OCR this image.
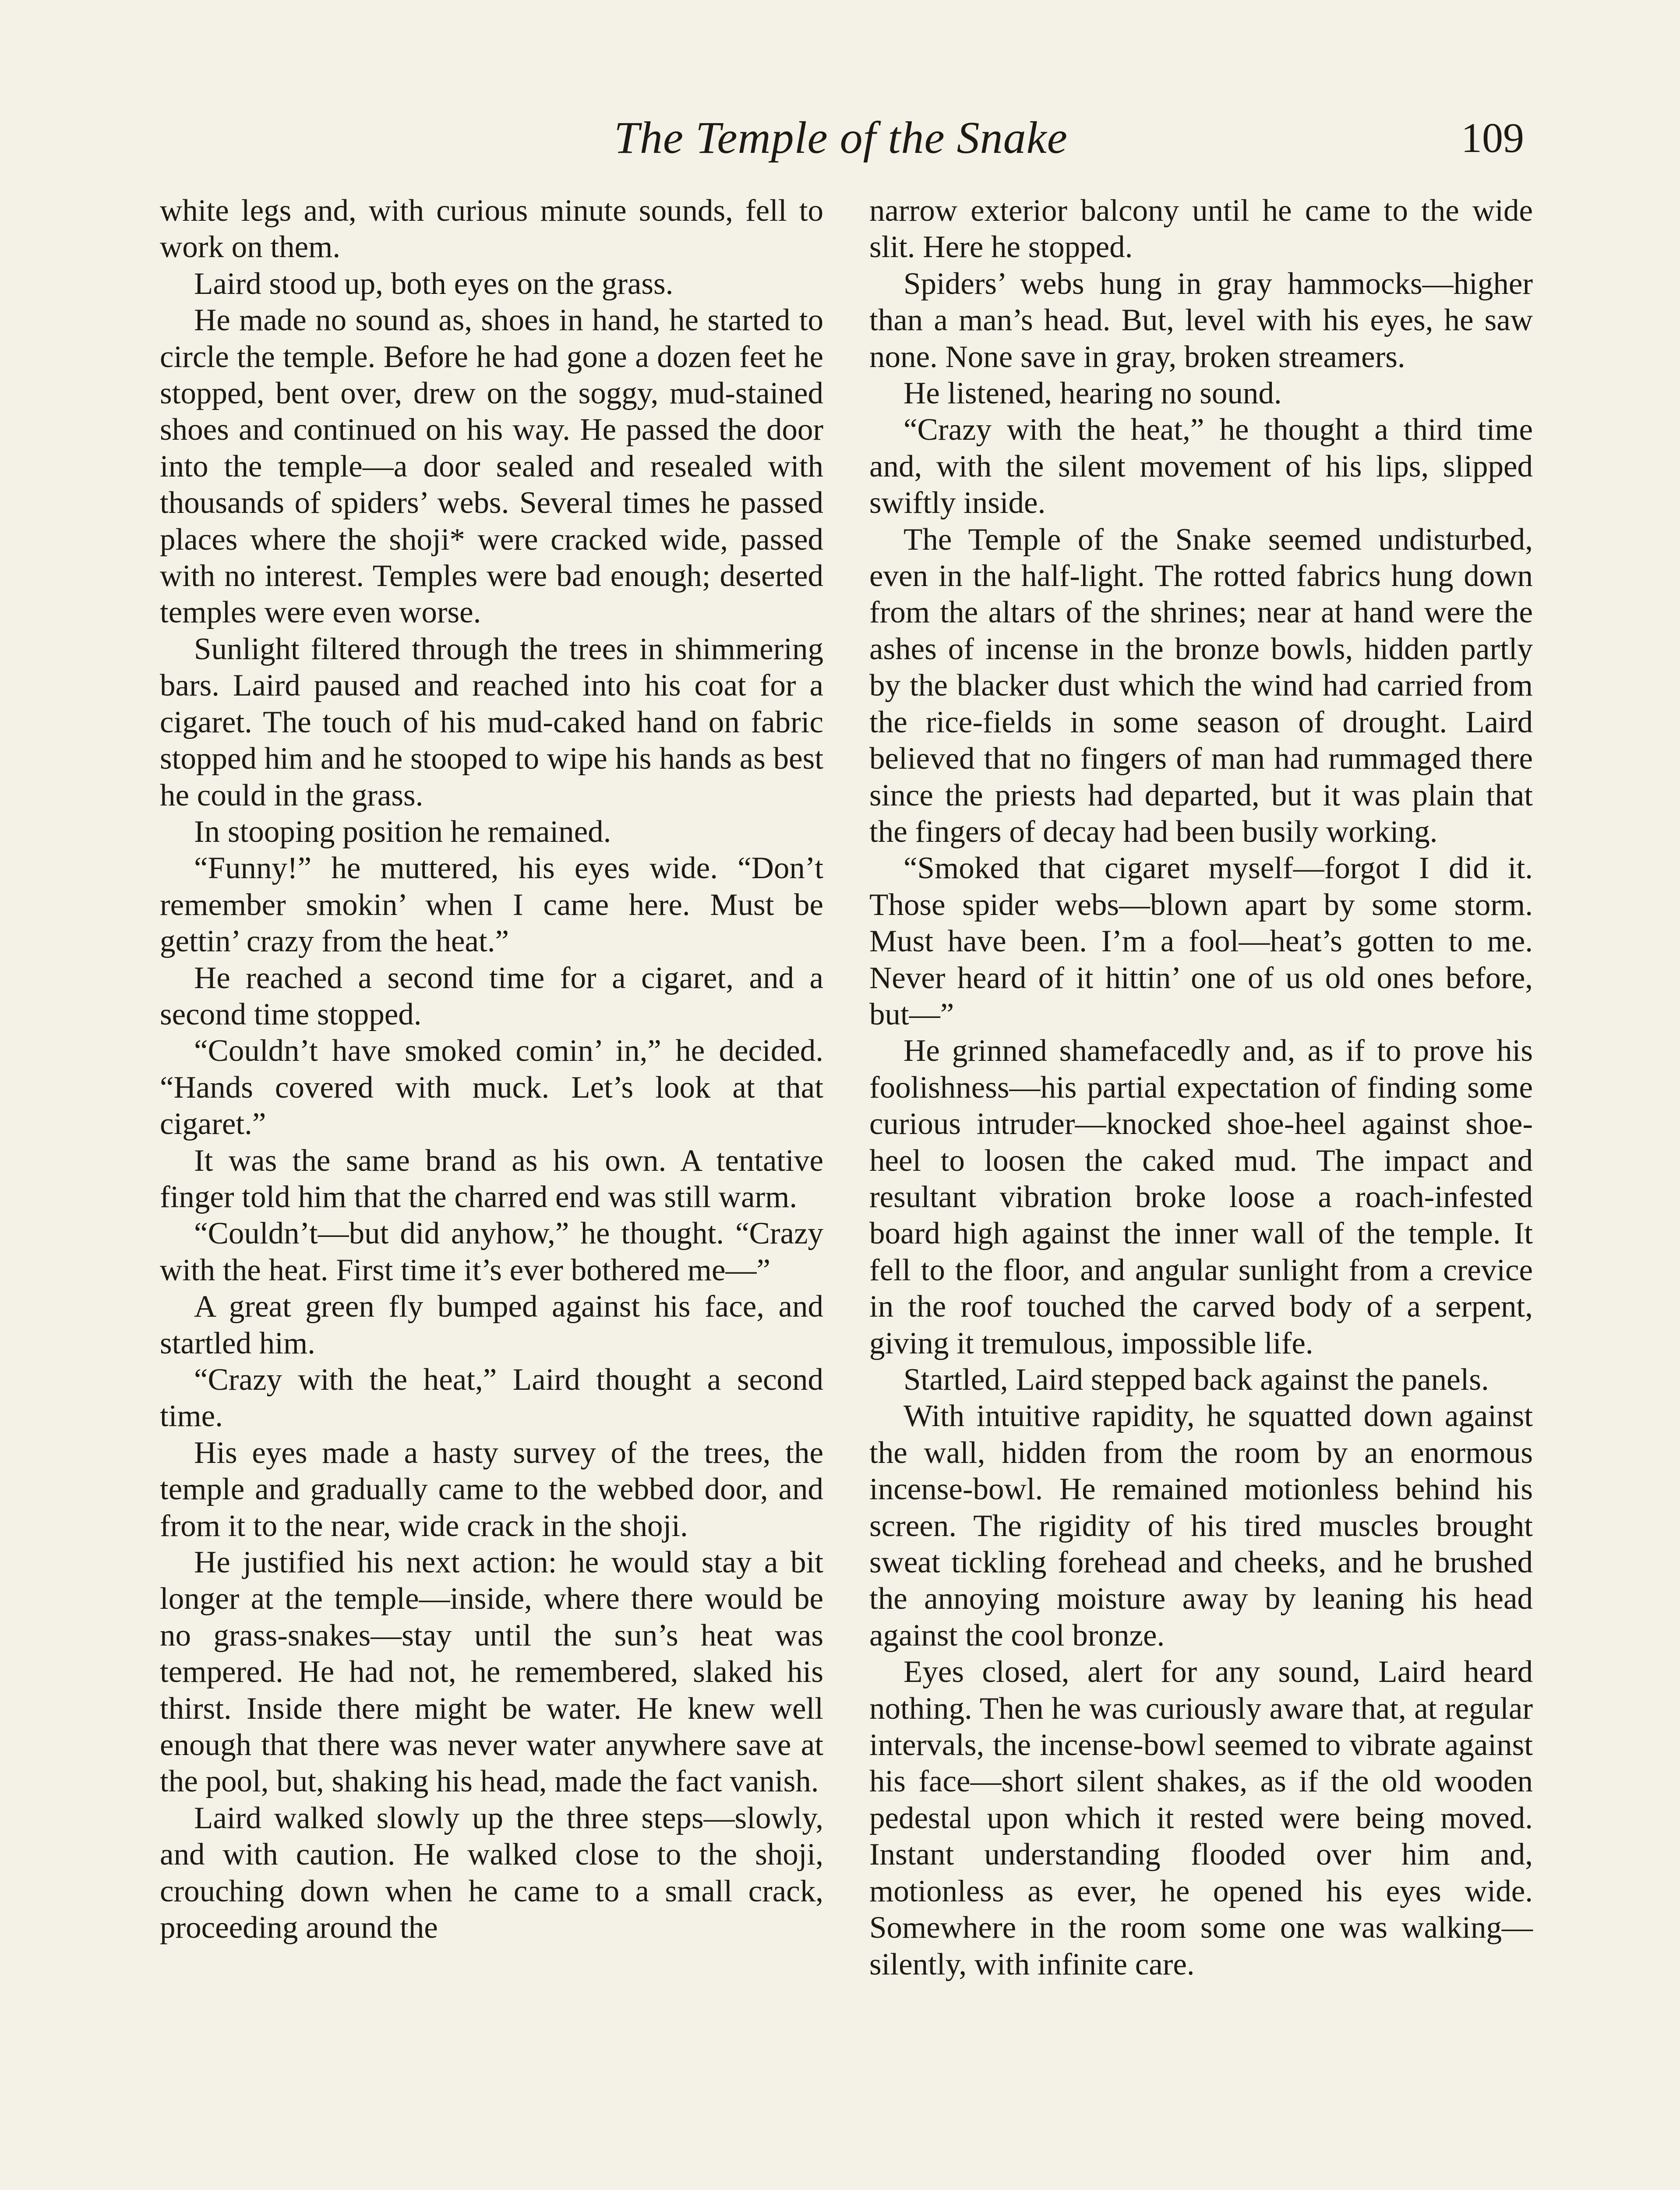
The Temple of the Snake	109

white legs and, with curious minute sounds, fell to work on them.

Laird stood up, both eyes on the grass.

He made no sound as, shoes in hand, he started to circle the temple. Before he had gone a dozen feet he stopped, bent over, drew on the soggy, mud-stained shoes and continued on his way. He passed the door into the temple—a door sealed and resealed with thousands of spiders’ webs. Several times he passed places where the shoji* were cracked wide, passed with no interest. Temples were bad enough; deserted temples were even worse.

Sunlight filtered through the trees in shimmering bars. Laird paused and reached into his coat for a cigaret. The touch of his mud-caked hand on fabric stopped him and he stooped to wipe his hands as best he could in the grass.

In stooping position he remained.

“Funny!” he muttered, his eyes wide. “Don’t remember smokin’ when I came here. Must be gettin’ crazy from the heat.”

He reached a second time for a cigaret, and a second time stopped.

“Couldn’t have smoked comin’ in,” he decided. “Hands covered with muck. Let’s look at that cigaret.”

It was the same brand as his own. A tentative finger told him that the charred end was still warm.

“Couldn’t—but did anyhow,” he thought. “Crazy with the heat. First time it’s ever bothered me—”

A great green fly bumped against his face, and startled him.

“Crazy with the heat,” Laird thought a second time.

His eyes made a hasty survey of the trees, the temple and gradually came to the webbed door, and from it to the near, wide crack in the shoji.

He justified his next action: he would stay a bit longer at the temple—inside, where there would be no grass-snakes—stay until the sun’s heat was tempered. He had not, he remembered, slaked his thirst. Inside there might be water. He knew well enough that there was never water anywhere save at the pool, but, shaking his head, made the fact vanish.

Laird walked slowly up the three steps—slowly, and with caution. He walked close to the shoji, crouching down when he came to a small crack, proceeding around the

narrow exterior balcony until he came to the wide slit. Here he stopped.

Spiders’ webs hung in gray hammocks—higher than a man’s head. But, level with his eyes, he saw none. None save in gray, broken streamers.

He listened, hearing no sound.

“Crazy with the heat,” he thought a third time and, with the silent movement of his lips, slipped swiftly inside.

The Temple of the Snake seemed undisturbed, even in the half-light. The rotted fabrics hung down from the altars of the shrines; near at hand were the ashes of incense in the bronze bowls, hidden partly by the blacker dust which the wind had carried from the rice-fields in some season of drought. Laird believed that no fingers of man had rummaged there since the priests had departed, but it was plain that the fingers of decay had been busily working.

“Smoked that cigaret myself—forgot I did it. Those spider webs—blown apart by some storm. Must have been. I’m a fool—heat’s gotten to me. Never heard of it hittin’ one of us old ones before, but—”

He grinned shamefacedly and, as if to prove his foolishness—his partial expectation of finding some curious intruder—knocked shoe-heel against shoe-heel to loosen the caked mud. The impact and resultant vibration broke loose a roach-infested board high against the inner wall of the temple. It fell to the floor, and angular sunlight from a crevice in the roof touched the carved body of a serpent, giving it tremulous, impossible life.

Startled, Laird stepped back against the panels.

With intuitive rapidity, he squatted down against the wall, hidden from the room by an enormous incense-bowl. He remained motionless behind his screen. The rigidity of his tired muscles brought sweat tickling forehead and cheeks, and he brushed the annoying moisture away by leaning his head against the cool bronze.

Eyes closed, alert for any sound, Laird heard nothing. Then he was curiously aware that, at regular intervals, the incense-bowl seemed to vibrate against his face—short silent shakes, as if the old wooden pedestal upon which it rested were being moved. Instant understanding flooded over him and, motionless as ever, he opened his eyes wide. Somewhere in the room some one was walking—silently, with infinite care.
